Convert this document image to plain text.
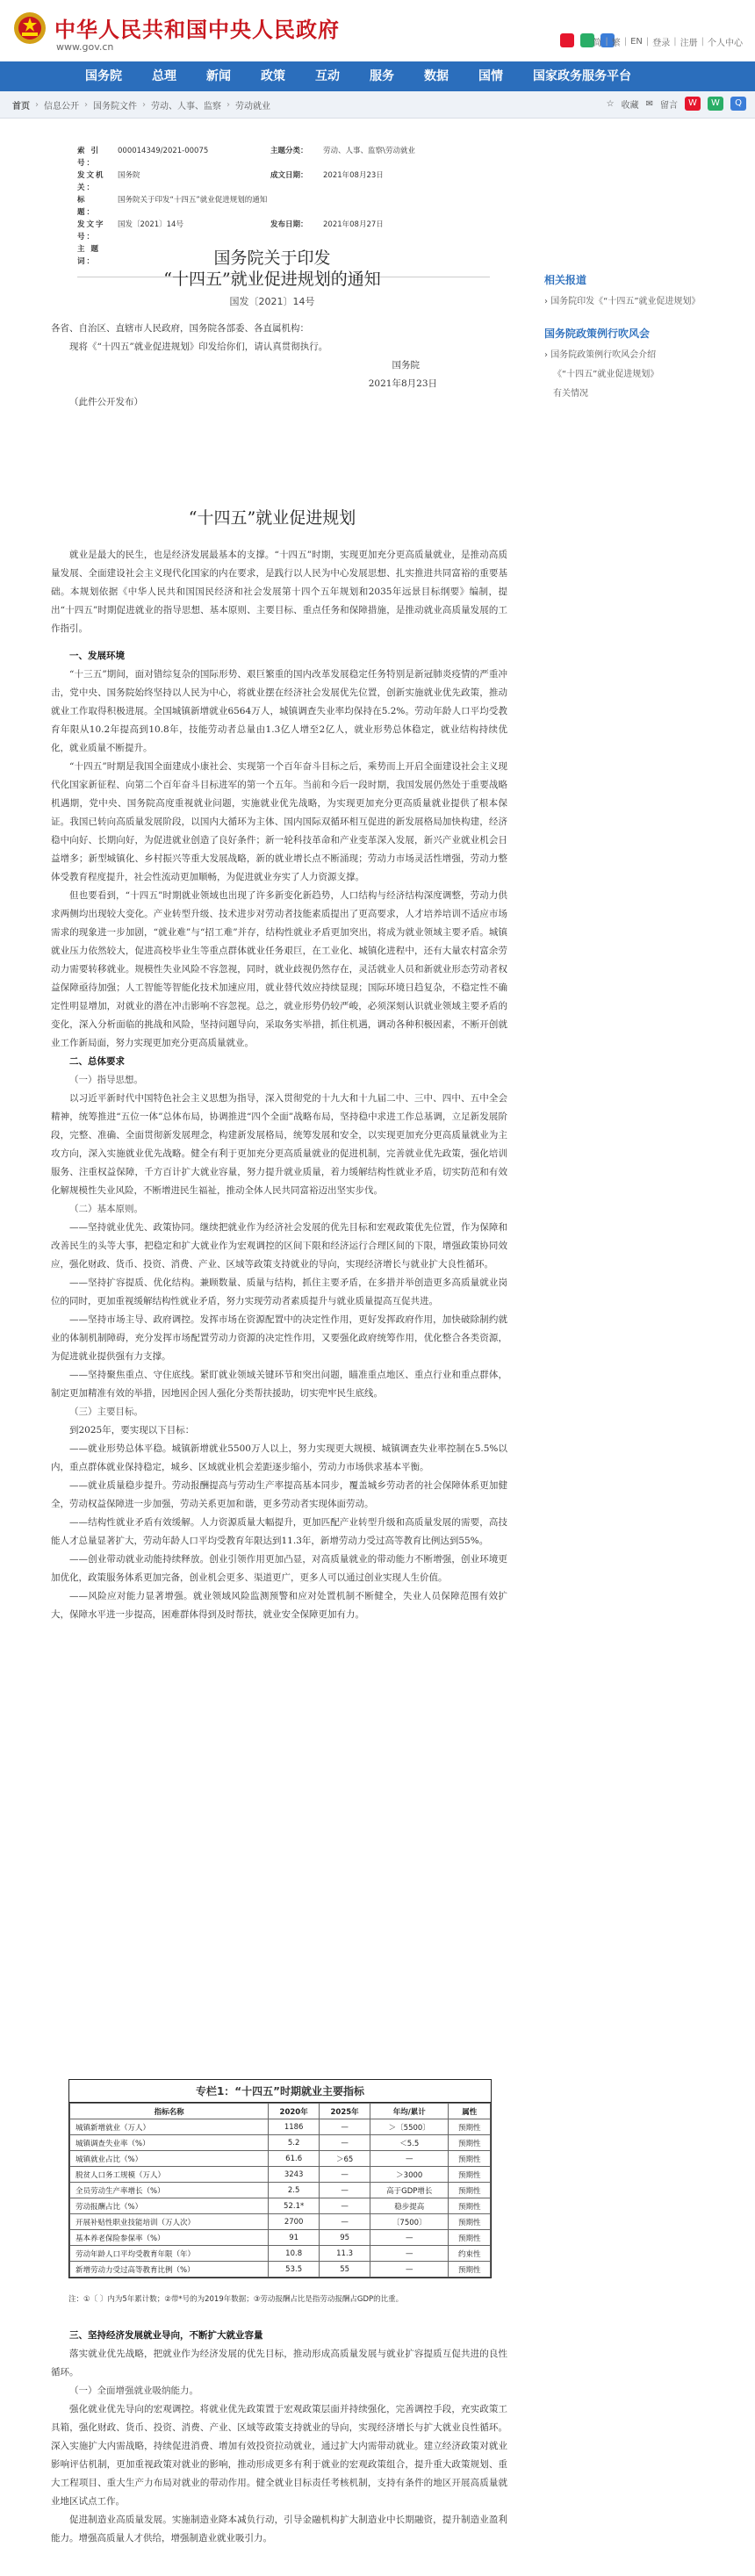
中华人民共和国中央人民政府
www.gov.cn	简 | 繁 | EN | 登录 | 注册 | 个人中心
国务院	总理	新闻	政策	互动	服务	数据	国情	国家政务服务平台
首页 › 信息公开 › 国务院文件 › 劳动、人事、监察 › 劳动就业	☆ 收藏 ✉ 留言	W	W	Q
索 引 号：
000014349/2021-00075	主题分类：	劳动、人事、监察\劳动就业
发文机关：
国务院	成文日期：	2021年08月23日
标　　题：
国务院关于印发“十四五”就业促进规划的通知
发文字号：
国发〔2021〕14号	发布日期：	2021年08月27日
主 题 词：
相关报道
› 国务院印发《“十四五”就业促进规划》
国务院政策例行吹风会
› 国务院政策例行吹风会介绍
《“十四五”就业促进规划》
有关情况
国务院关于印发
“十四五”就业促进规划的通知
国发〔2021〕14号

各省、自治区、直辖市人民政府，国务院各部委、各直属机构：

现将《“十四五”就业促进规划》印发给你们，请认真贯彻执行。

国务院

2021年8月23日

（此件公开发布）

“十四五”就业促进规划

就业是最大的民生，也是经济发展最基本的支撑。“十四五”时期，实现更加充分更高质量就业，是推动高质量发展、全面建设社会主义现代化国家的内在要求，是践行以人民为中心发展思想、扎实推进共同富裕的重要基础。本规划依据《中华人民共和国国民经济和社会发展第十四个五年规划和2035年远景目标纲要》编制，提出“十四五”时期促进就业的指导思想、基本原则、主要目标、重点任务和保障措施，是推动就业高质量发展的工作指引。

一、发展环境

“十三五”期间，面对错综复杂的国际形势、艰巨繁重的国内改革发展稳定任务特别是新冠肺炎疫情的严重冲击，党中央、国务院始终坚持以人民为中心，将就业摆在经济社会发展优先位置，创新实施就业优先政策，推动就业工作取得积极进展。全国城镇新增就业6564万人，城镇调查失业率均保持在5.2%。劳动年龄人口平均受教育年限从10.2年提高到10.8年，技能劳动者总量由1.3亿人增至2亿人，就业形势总体稳定，就业结构持续优化，就业质量不断提升。

“十四五”时期是我国全面建成小康社会、实现第一个百年奋斗目标之后，乘势而上开启全面建设社会主义现代化国家新征程、向第二个百年奋斗目标进军的第一个五年。当前和今后一段时期，我国发展仍然处于重要战略机遇期，党中央、国务院高度重视就业问题，实施就业优先战略，为实现更加充分更高质量就业提供了根本保证。我国已转向高质量发展阶段，以国内大循环为主体、国内国际双循环相互促进的新发展格局加快构建，经济稳中向好、长期向好，为促进就业创造了良好条件；新一轮科技革命和产业变革深入发展，新兴产业就业机会日益增多；新型城镇化、乡村振兴等重大发展战略，新的就业增长点不断涌现；劳动力市场灵活性增强，劳动力整体受教育程度提升，社会性流动更加顺畅，为促进就业夯实了人力资源支撑。

但也要看到，“十四五”时期就业领域也出现了许多新变化新趋势，人口结构与经济结构深度调整，劳动力供求两侧均出现较大变化。产业转型升级、技术进步对劳动者技能素质提出了更高要求，人才培养培训不适应市场需求的现象进一步加剧，“就业难”与“招工难”并存，结构性就业矛盾更加突出，将成为就业领域主要矛盾。城镇就业压力依然较大，促进高校毕业生等重点群体就业任务艰巨，在工业化、城镇化进程中，还有大量农村富余劳动力需要转移就业。规模性失业风险不容忽视，同时，就业歧视仍然存在，灵活就业人员和新就业形态劳动者权益保障亟待加强；人工智能等智能化技术加速应用，就业替代效应持续显现；国际环境日趋复杂，不稳定性不确定性明显增加，对就业的潜在冲击影响不容忽视。总之，就业形势仍较严峻，必须深刻认识就业领域主要矛盾的变化，深入分析面临的挑战和风险，坚持问题导向，采取务实举措，抓住机遇，调动各种积极因素，不断开创就业工作新局面，努力实现更加充分更高质量就业。

二、总体要求

（一）指导思想。

以习近平新时代中国特色社会主义思想为指导，深入贯彻党的十九大和十九届二中、三中、四中、五中全会精神，统筹推进“五位一体”总体布局，协调推进“四个全面”战略布局，坚持稳中求进工作总基调，立足新发展阶段，完整、准确、全面贯彻新发展理念，构建新发展格局，统筹发展和安全，以实现更加充分更高质量就业为主攻方向，深入实施就业优先战略。健全有利于更加充分更高质量就业的促进机制，完善就业优先政策，强化培训服务、注重权益保障，千方百计扩大就业容量，努力提升就业质量，着力缓解结构性就业矛盾，切实防范和有效化解规模性失业风险，不断增进民生福祉，推动全体人民共同富裕迈出坚实步伐。

（二）基本原则。

——坚持就业优先、政策协同。继续把就业作为经济社会发展的优先目标和宏观政策优先位置，作为保障和改善民生的头等大事，把稳定和扩大就业作为宏观调控的区间下限和经济运行合理区间的下限，增强政策协同效应，强化财政、货币、投资、消费、产业、区域等政策支持就业的导向，实现经济增长与就业扩大良性循环。

——坚持扩容提质、优化结构。兼顾数量、质量与结构，抓住主要矛盾，在多措并举创造更多高质量就业岗位的同时，更加重视缓解结构性就业矛盾，努力实现劳动者素质提升与就业质量提高互促共进。

——坚持市场主导、政府调控。发挥市场在资源配置中的决定性作用，更好发挥政府作用，加快破除制约就业的体制机制障碍，充分发挥市场配置劳动力资源的决定性作用，又要强化政府统筹作用，优化整合各类资源，为促进就业提供强有力支撑。

——坚持聚焦重点、守住底线。紧盯就业领域关键环节和突出问题，瞄准重点地区、重点行业和重点群体，制定更加精准有效的举措，因地因企因人强化分类帮扶援助，切实兜牢民生底线。

（三）主要目标。

到2025年，要实现以下目标：

——就业形势总体平稳。城镇新增就业5500万人以上，努力实现更大规模、城镇调查失业率控制在5.5%以内，重点群体就业保持稳定，城乡、区域就业机会差距逐步缩小，劳动力市场供求基本平衡。

——就业质量稳步提升。劳动报酬提高与劳动生产率提高基本同步，覆盖城乡劳动者的社会保障体系更加健全，劳动权益保障进一步加强，劳动关系更加和谐，更多劳动者实现体面劳动。

——结构性就业矛盾有效缓解。人力资源质量大幅提升，更加匹配产业转型升级和高质量发展的需要，高技能人才总量显著扩大，劳动年龄人口平均受教育年限达到11.3年，新增劳动力受过高等教育比例达到55%。

——创业带动就业动能持续释放。创业引领作用更加凸显，对高质量就业的带动能力不断增强，创业环境更加优化，政策服务体系更加完备，创业机会更多、渠道更广，更多人可以通过创业实现人生价值。

——风险应对能力显著增强。就业领域风险监测预警和应对处置机制不断健全，失业人员保障范围有效扩大，保障水平进一步提高，困难群体得到及时帮扶，就业安全保障更加有力。

专栏1：“十四五”时期就业主要指标
指标名称	2020年	2025年	年均/累计	属性
城镇新增就业（万人）	1186	—	＞〔5500〕	预期性
城镇调查失业率（%）	5.2	—	＜5.5	预期性
城镇就业占比（%）	61.6	＞65	—	预期性
脱贫人口务工规模（万人）	3243	—	＞3000	预期性
全员劳动生产率增长（%）	2.5	—	高于GDP增长	预期性
劳动报酬占比（%）	52.1*	—	稳步提高	预期性
开展补贴性职业技能培训（万人次）	2700	—	〔7500〕	预期性
基本养老保险参保率（%）	91	95	—	预期性
劳动年龄人口平均受教育年限（年）	10.8	11.3	—	约束性
新增劳动力受过高等教育比例（%）	53.5	55	—	预期性
注：①〔 〕内为5年累计数；②带*号的为2019年数据；③劳动报酬占比是指劳动报酬占GDP的比重。

三、坚持经济发展就业导向，不断扩大就业容量

落实就业优先战略，把就业作为经济发展的优先目标，推动形成高质量发展与就业扩容提质互促共进的良性循环。

（一）全面增强就业吸纳能力。

强化就业优先导向的宏观调控。将就业优先政策置于宏观政策层面并持续强化，完善调控手段，充实政策工具箱，强化财政、货币、投资、消费、产业、区域等政策支持就业的导向，实现经济增长与扩大就业良性循环。深入实施扩大内需战略，持续促进消费、增加有效投资拉动就业，通过扩大内需带动就业。建立经济政策对就业影响评估机制，更加重视政策对就业的影响，推动形成更多有利于就业的宏观政策组合，提升重大政策规划、重大工程项目、重大生产力布局对就业的带动作用。健全就业目标责任考核机制，支持有条件的地区开展高质量就业地区试点工作。

促进制造业高质量发展。实施制造业降本减负行动，引导金融机构扩大制造业中长期融资，提升制造业盈利能力。增强高质量人才供给，增强制造业就业吸引力。
